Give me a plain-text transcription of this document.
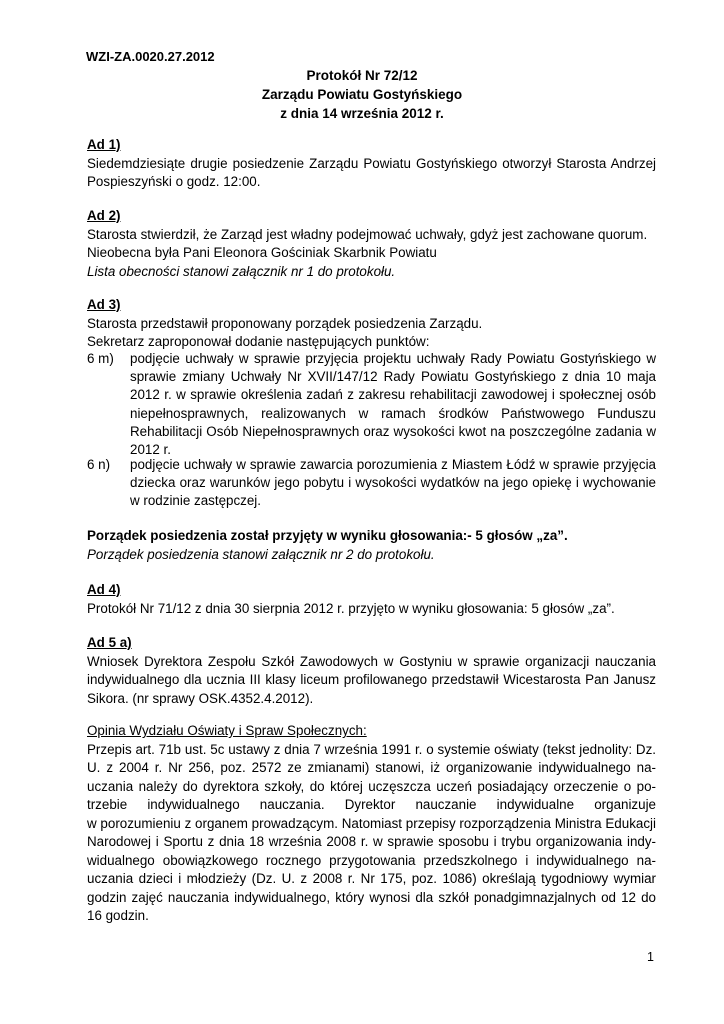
WZI-ZA.0020.27.2012
Protokół Nr 72/12
Zarządu Powiatu Gostyńskiego
z dnia 14 września 2012 r.

Ad 1)

Siedemdziesiąte drugie posiedzenie Zarządu Powiatu Gostyńskiego otworzył Starosta Andrzej

Pospieszyński o godz. 12:00.

Ad 2)

Starosta stwierdził, że Zarząd jest władny podejmować uchwały, gdyż jest zachowane quorum.

Nieobecna była Pani Eleonora Gościniak Skarbnik Powiatu

Lista obecności stanowi załącznik nr 1 do protokołu.

Ad 3)

Starosta przedstawił proponowany porządek posiedzenia Zarządu.

Sekretarz zaproponował dodanie następujących punktów:

6 m) podjęcie uchwały w sprawie przyjęcia projektu uchwały Rady Powiatu Gostyńskiego w
sprawie zmiany Uchwały Nr XVII/147/12 Rady Powiatu Gostyńskiego z dnia 10 maja
2012 r. w sprawie określenia zadań z zakresu rehabilitacji zawodowej i społecznej osób
niepełnosprawnych, realizowanych w ramach środków Państwowego Funduszu
Rehabilitacji Osób Niepełnosprawnych oraz wysokości kwot na poszczególne zadania w
2012 r.
6 n) podjęcie uchwały w sprawie zawarcia porozumienia z Miastem Łódź w sprawie przyjęcia
dziecka oraz warunków jego pobytu i wysokości wydatków na jego opiekę i wychowanie
w rodzinie zastępczej.

Porządek posiedzenia został przyjęty w wyniku głosowania:- 5 głosów „za”.

Porządek posiedzenia stanowi załącznik nr 2 do protokołu.

Ad 4)

Protokół Nr 71/12 z dnia 30 sierpnia 2012 r. przyjęto w wyniku głosowania: 5 głosów „za”.

Ad 5 a)

Wniosek Dyrektora Zespołu Szkół Zawodowych w Gostyniu w sprawie organizacji nauczania

indywidualnego dla ucznia III klasy liceum profilowanego przedstawił Wicestarosta Pan Janusz

Sikora. (nr sprawy OSK.4352.4.2012).

Opinia Wydziału Oświaty i Spraw Społecznych:

Przepis art. 71b ust. 5c ustawy z dnia 7 września 1991 r. o systemie oświaty (tekst jednolity: Dz.

U. z 2004 r. Nr 256, poz. 2572 ze zmianami) stanowi, iż organizowanie indywidualnego na-

uczania należy do dyrektora szkoły, do której uczęszcza uczeń posiadający orzeczenie o po-

trzebie indywidualnego nauczania. Dyrektor nauczanie indywidualne organizuje

w porozumieniu z organem prowadzącym. Natomiast przepisy rozporządzenia Ministra Edukacji

Narodowej i Sportu z dnia 18 września 2008 r. w sprawie sposobu i trybu organizowania indy-

widualnego obowiązkowego rocznego przygotowania przedszkolnego i indywidualnego na-

uczania dzieci i młodzieży (Dz. U. z 2008 r. Nr 175, poz. 1086) określają tygodniowy wymiar

godzin zajęć nauczania indywidualnego, który wynosi dla szkół ponadgimnazjalnych od 12 do

16 godzin.

1
